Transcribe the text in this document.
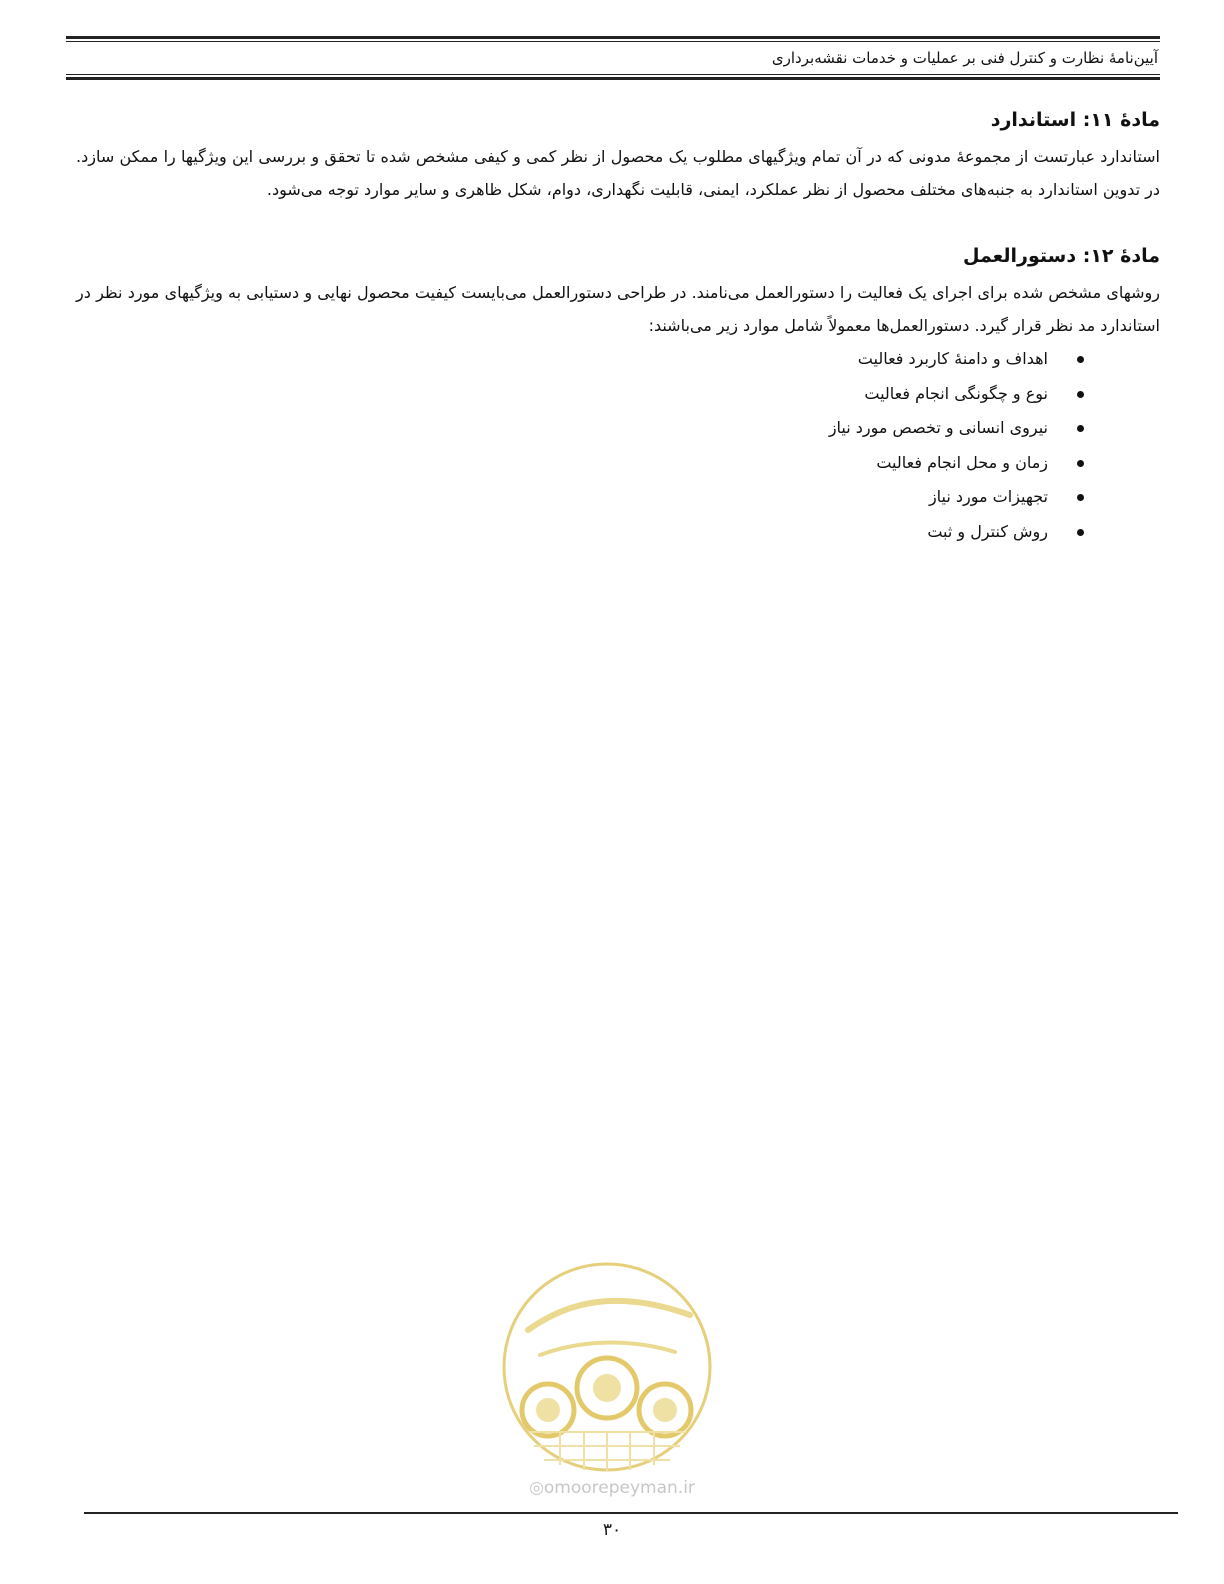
آیین‌نامۀ نظارت و کنترل فنی بر عملیات و خدمات نقشه‌برداری
مادۀ ۱۱: استاندارد

استاندارد عبارتست از مجموعۀ مدونی که در آن تمام ویژگیهای مطلوب یک محصول از نظر کمی و کیفی مشخص شده تا تحقق و بررسی این ویژگیها را ممکن سازد. در تدوین استاندارد به جنبه‌های مختلف محصول از نظر عملکرد، ایمنی، قابلیت نگهداری، دوام، شکل ظاهری و سایر موارد توجه می‌شود.

مادۀ ۱۲: دستورالعمل

روشهای مشخص شده برای اجرای یک فعالیت را دستورالعمل می‌نامند. در طراحی دستورالعمل می‌بایست کیفیت محصول نهایی و دستیابی به ویژگیهای مورد نظر در استاندارد مد نظر قرار گیرد. دستورالعمل‌ها معمولاً شامل موارد زیر می‌باشند:

اهداف و دامنۀ کاربرد فعالیت
نوع و چگونگی انجام فعالیت
نیروی انسانی و تخصص مورد نیاز
زمان و محل انجام فعالیت
تجهیزات مورد نیاز
روش کنترل و ثبت
◎omoorepeyman.ir
۳۰
